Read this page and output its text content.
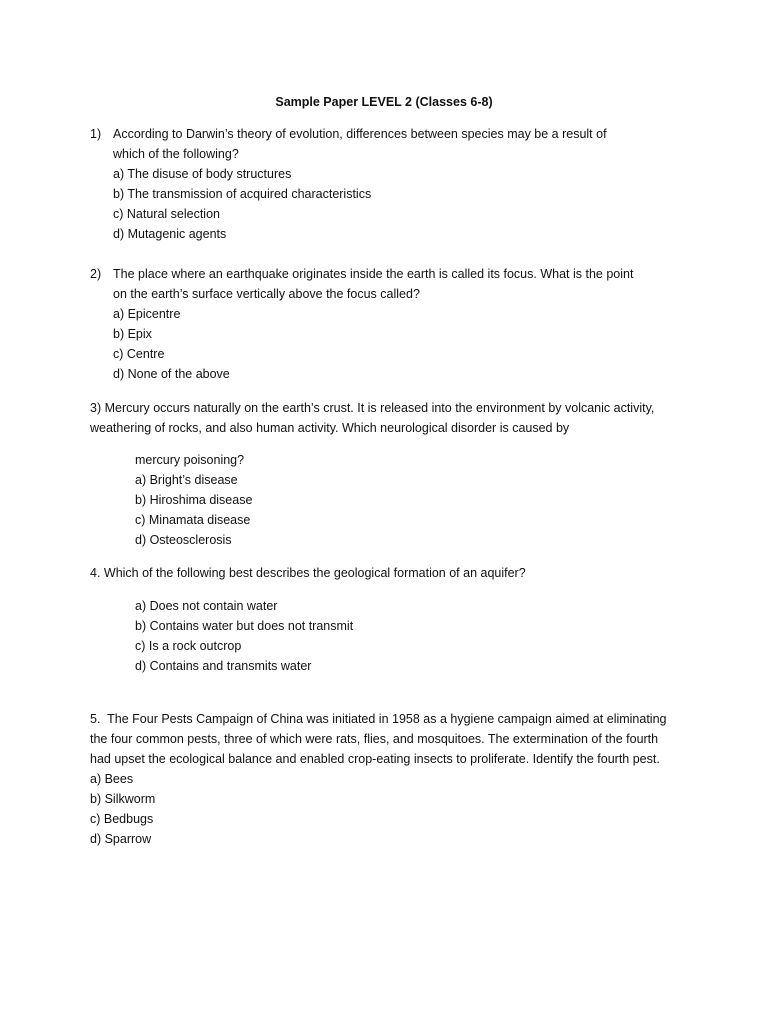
Sample Paper LEVEL 2 (Classes 6-8)
1) According to Darwin’s theory of evolution, differences between species may be a result of
which of the following?
a) The disuse of body structures
b) The transmission of acquired characteristics
c) Natural selection
d) Mutagenic agents
2) The place where an earthquake originates inside the earth is called its focus. What is the point
on the earth’s surface vertically above the focus called?
a) Epicentre
b) Epix
c) Centre
d) None of the above
3) Mercury occurs naturally on the earth’s crust. It is released into the environment by volcanic activity,
weathering of rocks, and also human activity. Which neurological disorder is caused by
mercury poisoning?
a) Bright’s disease
b) Hiroshima disease
c) Minamata disease
d) Osteosclerosis
4. Which of the following best describes the geological formation of an aquifer?
a) Does not contain water
b) Contains water but does not transmit
c) Is a rock outcrop
d) Contains and transmits water
5.  The Four Pests Campaign of China was initiated in 1958 as a hygiene campaign aimed at eliminating
the four common pests, three of which were rats, flies, and mosquitoes. The extermination of the fourth
had upset the ecological balance and enabled crop-eating insects to proliferate. Identify the fourth pest.
a) Bees
b) Silkworm
c) Bedbugs
d) Sparrow
